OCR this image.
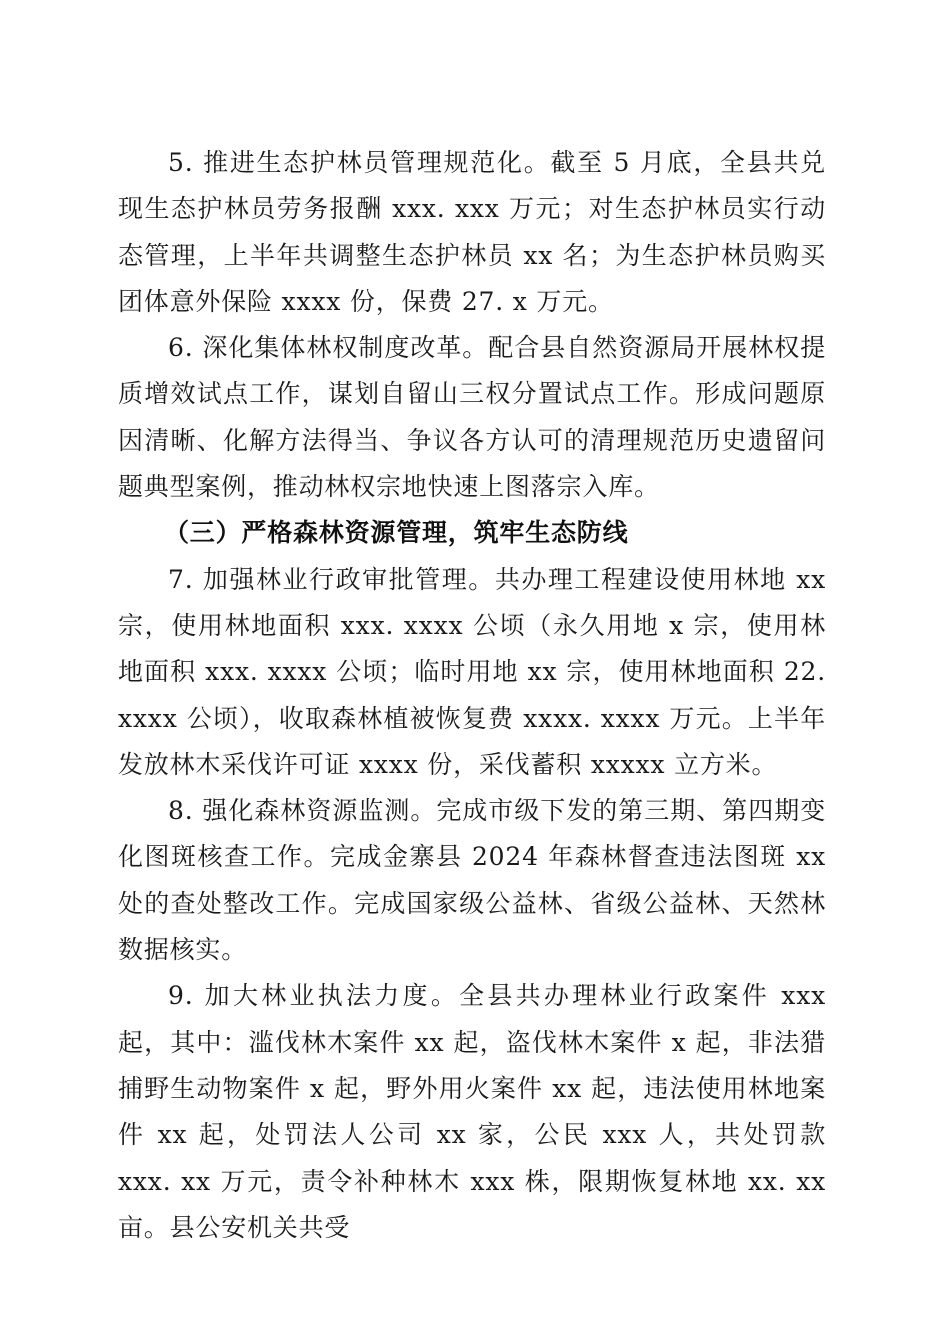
5. 推进生态护林员管理规范化。截至 5 月底，全县共兑现生态护林员劳务报酬 xxx. xxx 万元；对生态护林员实行动态管理，上半年共调整生态护林员 xx 名；为生态护林员购买团体意外保险 xxxx 份，保费 27. x 万元。

6. 深化集体林权制度改革。配合县自然资源局开展林权提质增效试点工作，谋划自留山三权分置试点工作。形成问题原因清晰、化解方法得当、争议各方认可的清理规范历史遗留问题典型案例，推动林权宗地快速上图落宗入库。

（三）严格森林资源管理，筑牢生态防线

7. 加强林业行政审批管理。共办理工程建设使用林地 xx 宗，使用林地面积 xxx. xxxx 公顷（永久用地 x 宗，使用林地面积 xxx. xxxx 公顷；临时用地 xx 宗，使用林地面积 22. xxxx 公顷），收取森林植被恢复费 xxxx. xxxx 万元。上半年发放林木采伐许可证 xxxx 份，采伐蓄积 xxxxx 立方米。

8. 强化森林资源监测。完成市级下发的第三期、第四期变化图斑核查工作。完成金寨县 2024 年森林督查违法图斑 xx 处的查处整改工作。完成国家级公益林、省级公益林、天然林数据核实。

9. 加大林业执法力度。全县共办理林业行政案件 xxx 起，其中：滥伐林木案件 xx 起，盗伐林木案件 x 起，非法猎捕野生动物案件 x 起，野外用火案件 xx 起，违法使用林地案件 xx 起，处罚法人公司 xx 家，公民 xxx 人，共处罚款 xxx. xx 万元，责令补种林木 xxx 株，限期恢复林地 xx. xx 亩。县公安机关共受
